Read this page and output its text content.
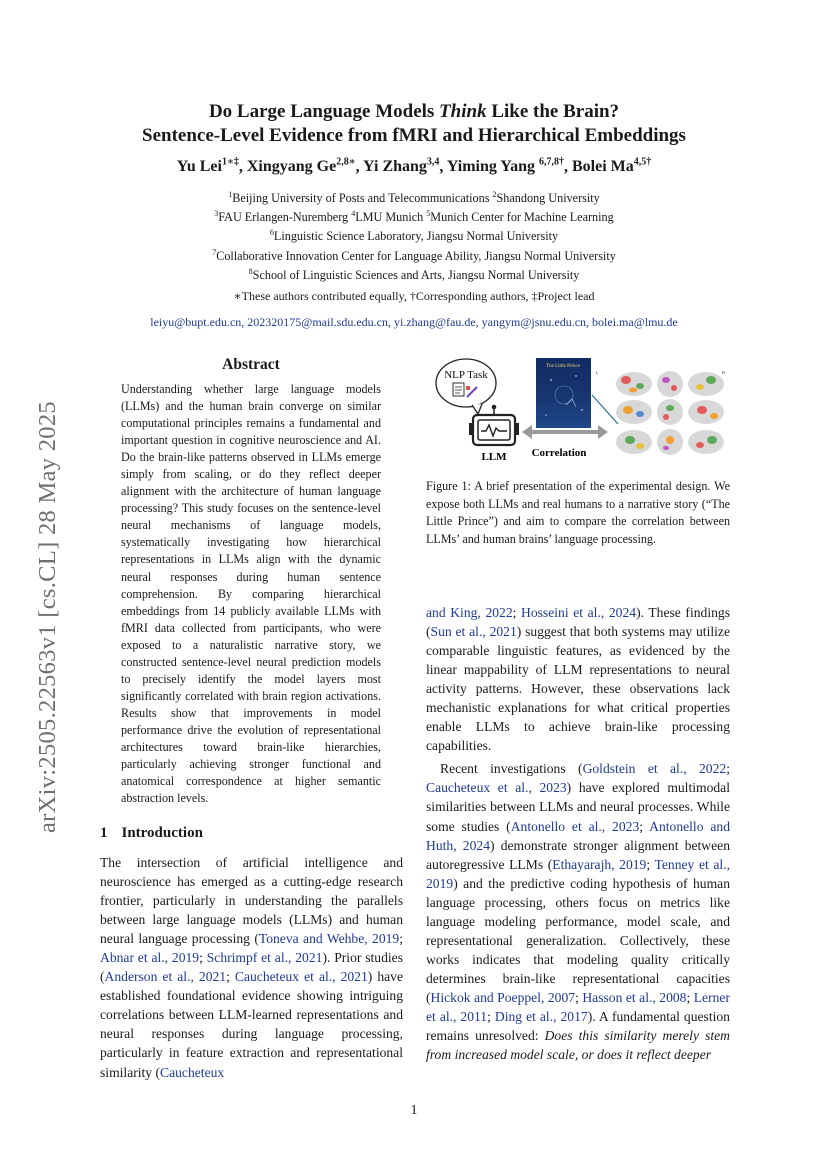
Do Large Language Models Think Like the Brain?
Sentence-Level Evidence from fMRI and Hierarchical Embeddings
Yu Lei$^{1∗\ddagger}$, Xingyang $Ge^{2,8∗}$, Yi Zhang$^{3,4}$, Yiming Yang $^{6,7,8\dagger}$, Bolei $Ma^{4,5\dagger}$
$^1$Beijing University of Posts and Telecommunications $^2$Shandong University
$^3$FAU Erlangen-Nuremberg $^4$LMU Munich $^5$Munich Center for Machine Learning
$^6$Linguistic Science Laboratory, Jiangsu Normal University
$^7$Collaborative Innovation Center for Language Ability, Jiangsu Normal University
$^8$School of Linguistic Sciences and Arts, Jiangsu Normal University
∗These authors contributed equally, †Corresponding authors, ‡Project lead
leiyu@bupt.edu.cn, 202320175@mail.sdu.edu.cn, yi.zhang@fau.de, yangym@jsnu.edu.cn, bolei.ma@lmu.de
arXiv:2505.22563v1 [cs.CL] 28 May 2025
Abstract
Understanding whether large language models (LLMs) and the human brain converge on similar computational principles remains a fundamental and important question in cognitive neuroscience and AI. Do the brain-like patterns observed in LLMs emerge simply from scaling, or do they reflect deeper alignment with the architecture of human language processing? This study focuses on the sentence-level neural mechanisms of language models, systematically investigating how hierarchical representations in LLMs align with the dynamic neural responses during human sentence comprehension. By comparing hierarchical embeddings from 14 publicly available LLMs with fMRI data collected from participants, who were exposed to a naturalistic narrative story, we constructed sentence-level neural prediction models to precisely identify the model layers most significantly correlated with brain region activations. Results show that improvements in model performance drive the evolution of representational architectures toward brain-like hierarchies, particularly achieving stronger functional and anatomical correspondence at higher semantic abstraction levels.
1 Introduction

The intersection of artificial intelligence and neuroscience has emerged as a cutting-edge research frontier, particularly in understanding the parallels between large language models (LLMs) and human neural language processing (Toneva and Wehbe, 2019; Abnar et al., 2019; Schrimpf et al., 2021). Prior studies (Anderson et al., 2021; Caucheteux et al., 2021) have established foundational evidence showing intriguing correlations between LLM-learned representations and neural responses during language processing, particularly in feature extraction and representational similarity (Caucheteux

NLP Task
LLM
The Little Prince
Correlation
L	R
Figure 1: A brief presentation of the experimental design. We expose both LLMs and real humans to a narrative story (“The Little Prince”) and aim to compare the correlation between LLMs’ and human brains’ language processing.

and King, 2022; Hosseini et al., 2024). These findings (Sun et al., 2021) suggest that both systems may utilize comparable linguistic features, as evidenced by the linear mappability of LLM representations to neural activity patterns. However, these observations lack mechanistic explanations for what critical properties enable LLMs to achieve brain-like processing capabilities.

Recent investigations (Goldstein et al., 2022; Caucheteux et al., 2023) have explored multimodal similarities between LLMs and neural processes. While some studies (Antonello et al., 2023; Antonello and Huth, 2024) demonstrate stronger alignment between autoregressive LLMs (Ethayarajh, 2019; Tenney et al., 2019) and the predictive coding hypothesis of human language processing, others focus on metrics like language modeling performance, model scale, and representational generalization. Collectively, these works indicates that modeling quality critically determines brain-like representational capacities (Hickok and Poeppel, 2007; Hasson et al., 2008; Lerner et al., 2011; Ding et al., 2017). A fundamental question remains unresolved: Does this similarity merely stem from increased model scale, or does it reflect deeper

1
